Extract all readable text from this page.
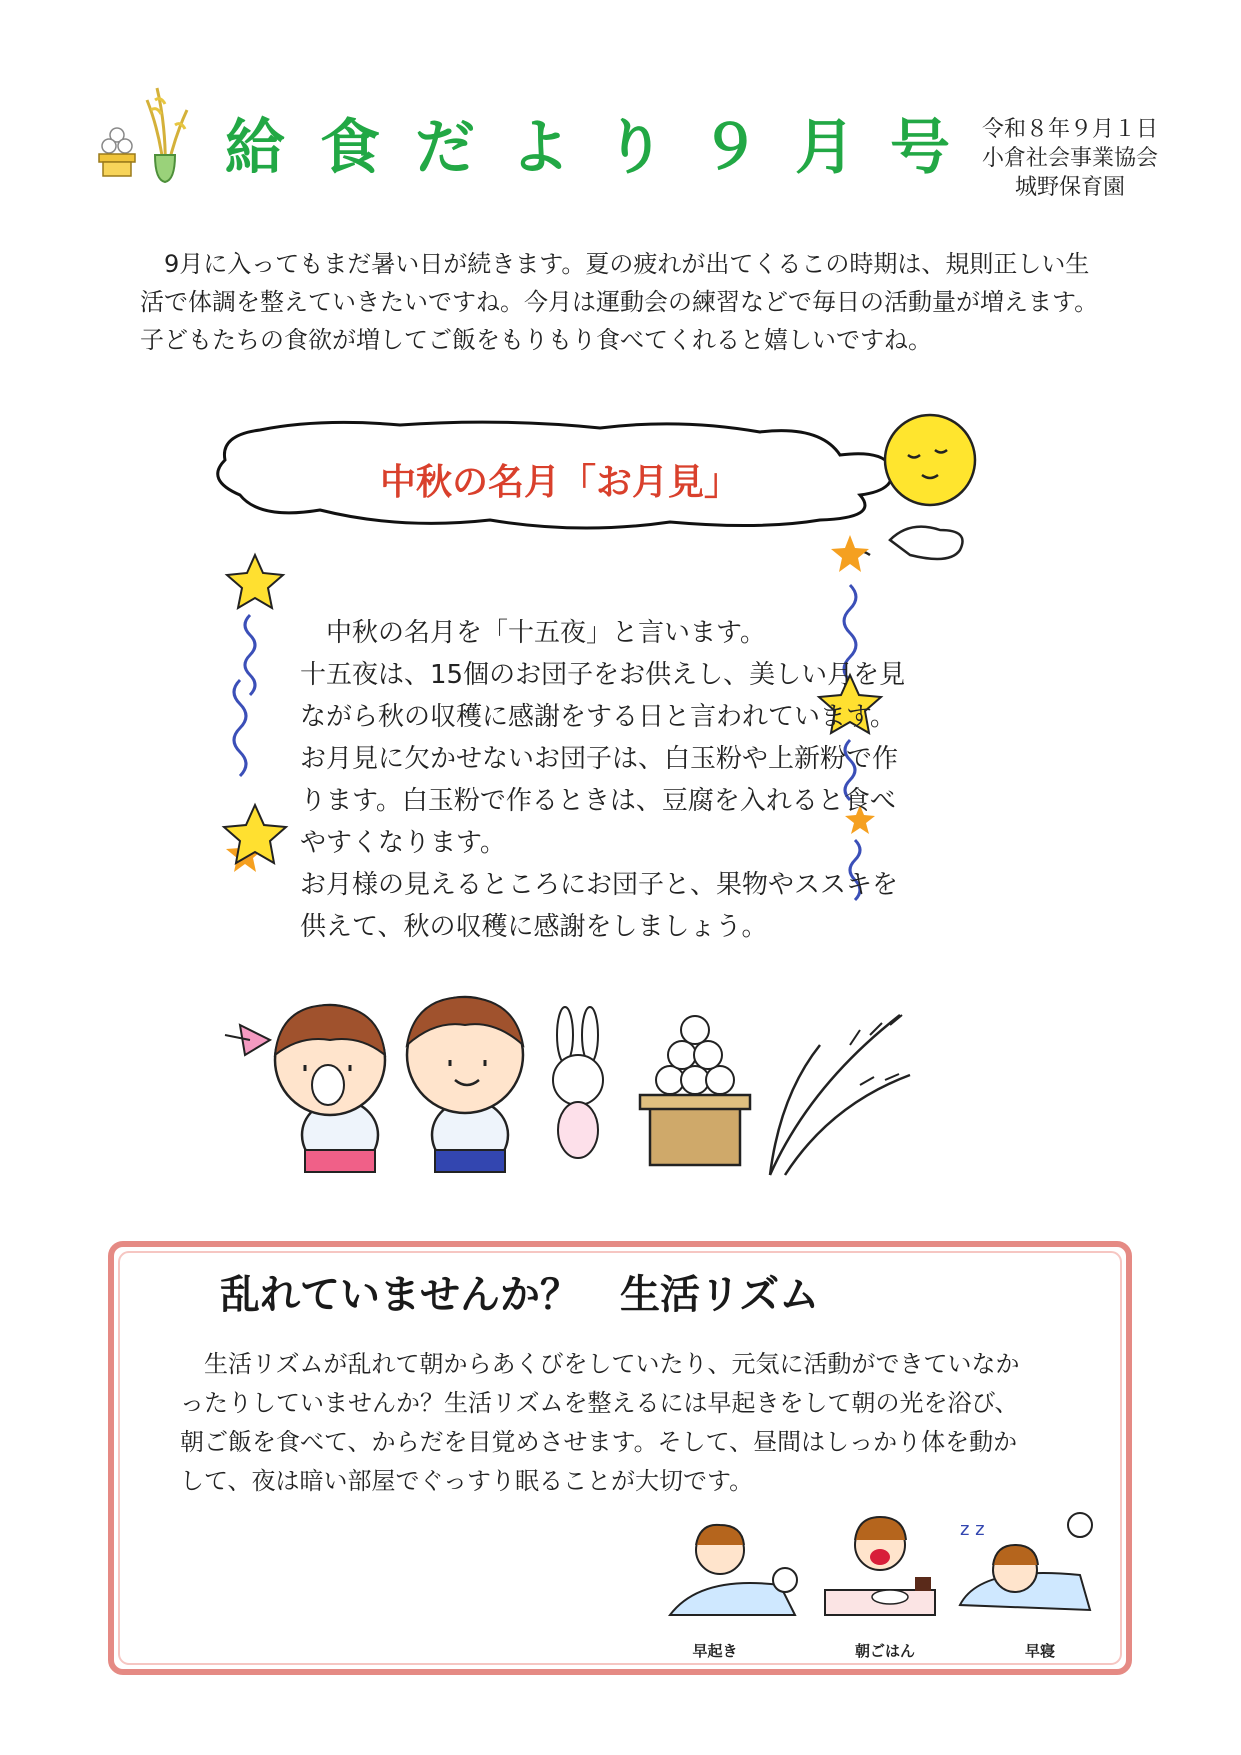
給食だより９月号
令和８年９月１日
小倉社会事業協会
城野保育園
　9月に入ってもまだ暑い日が続きます。夏の疲れが出てくるこの時期は、規則正しい生活で体調を整えていきたいですね。今月は運動会の練習などで毎日の活動量が増えます。子どもたちの食欲が増してご飯をもりもり食べてくれると嬉しいですね。
中秋の名月「お月見」

　中秋の名月を「十五夜」と言います。

十五夜は、15個のお団子をお供えし、美しい月を見ながら秋の収穫に感謝をする日と言われています。お月見に欠かせないお団子は、白玉粉や上新粉で作ります。白玉粉で作るときは、豆腐を入れると食べやすくなります。

お月様の見えるところにお団子と、果物やススキを供えて、秋の収穫に感謝をしましょう。

乱れていませんか？　生活リズム
　生活リズムが乱れて朝からあくびをしていたり、元気に活動ができていなかったりしていませんか？生活リズムを整えるには早起きをして朝の光を浴び、朝ご飯を食べて、からだを目覚めさせます。そして、昼間はしっかり体を動かして、夜は暗い部屋でぐっすり眠ることが大切です。
z z
早起き	朝ごはん	早寝
